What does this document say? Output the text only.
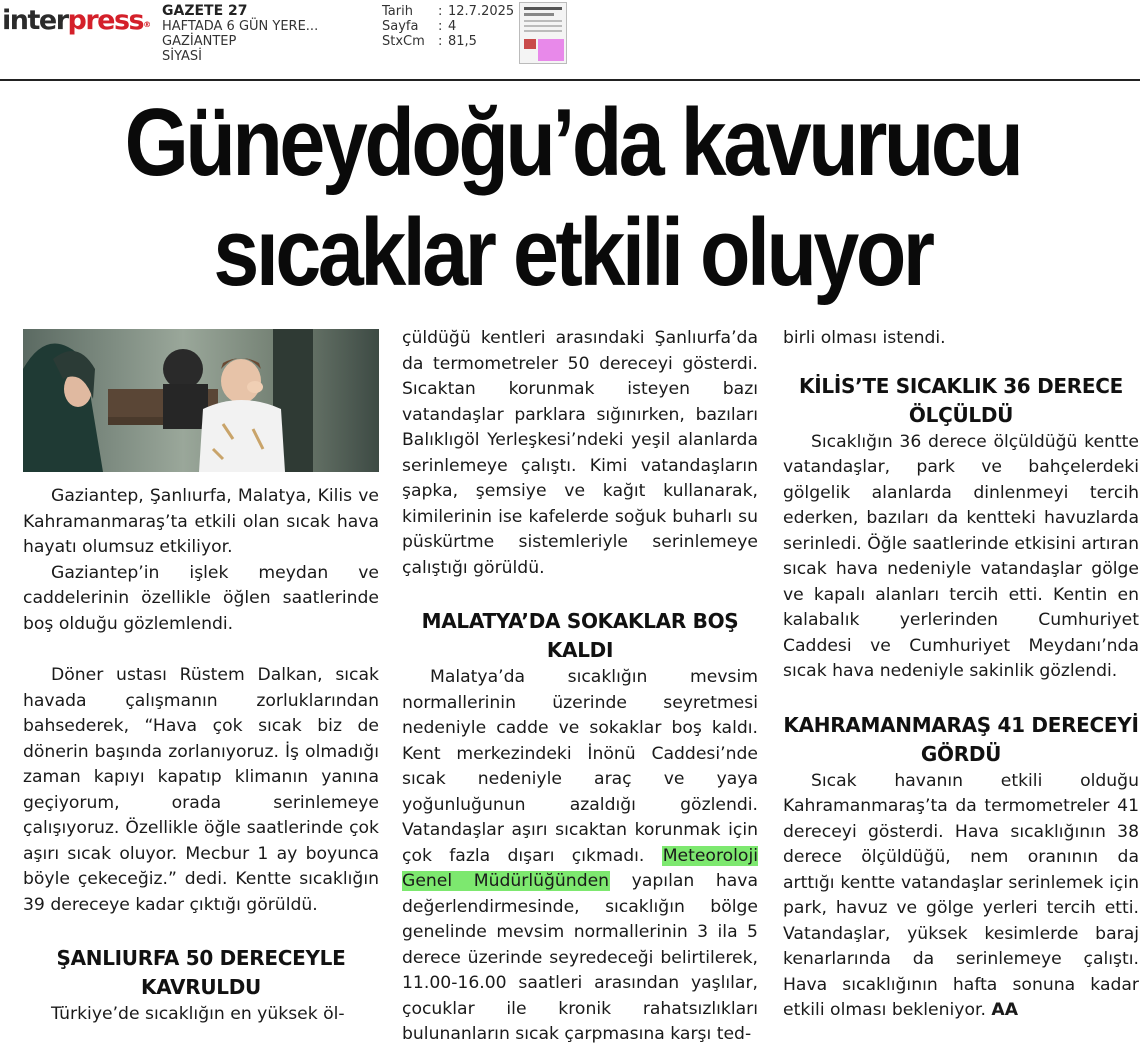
interpress®
GAZETE 27
HAFTADA 6 GÜN YERE...
GAZİANTEP
SİYASİ
Tarih	: 12.7.2025
Sayfa	: 4
StxCm	: 81,5
Güneydoğu’da kavurucu
sıcaklar etkili oluyor

Gaziantep, Şanlıurfa, Malatya, Kilis ve Kahramanmaraş’ta etkili olan sıcak hava hayatı olumsuz etkiliyor.

Gaziantep’in işlek meydan ve caddelerinin özellikle öğlen saatlerinde boş olduğu gözlemlendi.

Döner ustası Rüstem Dalkan, sıcak havada çalışmanın zorluklarından bahsederek, “Hava çok sıcak biz de dönerin başında zorlanıyoruz. İş olmadığı zaman kapıyı kapatıp klimanın yanına geçiyorum, orada serinlemeye çalışıyoruz. Özellikle öğle saatlerinde çok aşırı sıcak oluyor. Mecbur 1 ay boyunca böyle çekeceğiz.” dedi. Kentte sıcaklığın 39 dereceye kadar çıktığı görüldü.

ŞANLIURFA 50 DERECEYLE KAVRULDU

Türkiye’de sıcaklığın en yüksek öl-

çüldüğü kentleri arasındaki Şanlıurfa’da da termometreler 50 dereceyi gösterdi. Sıcaktan korunmak isteyen bazı vatandaşlar parklara sığınırken, bazıları Balıklıgöl Yerleşkesi’ndeki yeşil alanlarda serinlemeye çalıştı. Kimi vatandaşların şapka, şemsiye ve kağıt kullanarak, kimilerinin ise kafelerde soğuk buharlı su püskürtme sistemleriyle serinlemeye çalıştığı görüldü.

MALATYA’DA SOKAKLAR BOŞ KALDI

Malatya’da sıcaklığın mevsim normallerinin üzerinde seyretmesi nedeniyle cadde ve sokaklar boş kaldı. Kent merkezindeki İnönü Caddesi’nde sıcak nedeniyle araç ve yaya yoğunluğunun azaldığı gözlendi. Vatandaşlar aşırı sıcaktan korunmak için çok fazla dışarı çıkmadı. Meteoroloji Genel Müdürlüğünden yapılan hava değerlendirmesinde, sıcaklığın bölge genelinde mevsim normallerinin 3 ila 5 derece üzerinde seyredeceği belirtilerek, 11.00-16.00 saatleri arasından yaşlılar, çocuklar ile kronik rahatsızlıkları bulunanların sıcak çarpmasına karşı ted-

birli olması istendi.

KİLİS’TE SICAKLIK 36 DERECE ÖLÇÜLDÜ

Sıcaklığın 36 derece ölçüldüğü kentte vatandaşlar, park ve bahçelerdeki gölgelik alanlarda dinlenmeyi tercih ederken, bazıları da kentteki havuzlarda serinledi. Öğle saatlerinde etkisini artıran sıcak hava nedeniyle vatandaşlar gölge ve kapalı alanları tercih etti. Kentin en kalabalık yerlerinden Cumhuriyet Caddesi ve Cumhuriyet Meydanı’nda sıcak hava nedeniyle sakinlik gözlendi.

KAHRAMANMARAŞ 41 DERECEYİ GÖRDÜ

Sıcak havanın etkili olduğu Kahramanmaraş’ta da termometreler 41 dereceyi gösterdi. Hava sıcaklığının 38 derece ölçüldüğü, nem oranının da arttığı kentte vatandaşlar serinlemek için park, havuz ve gölge yerleri tercih etti. Vatandaşlar, yüksek kesimlerde baraj kenarlarında da serinlemeye çalıştı. Hava sıcaklığının hafta sonuna kadar etkili olması bekleniyor. AA
